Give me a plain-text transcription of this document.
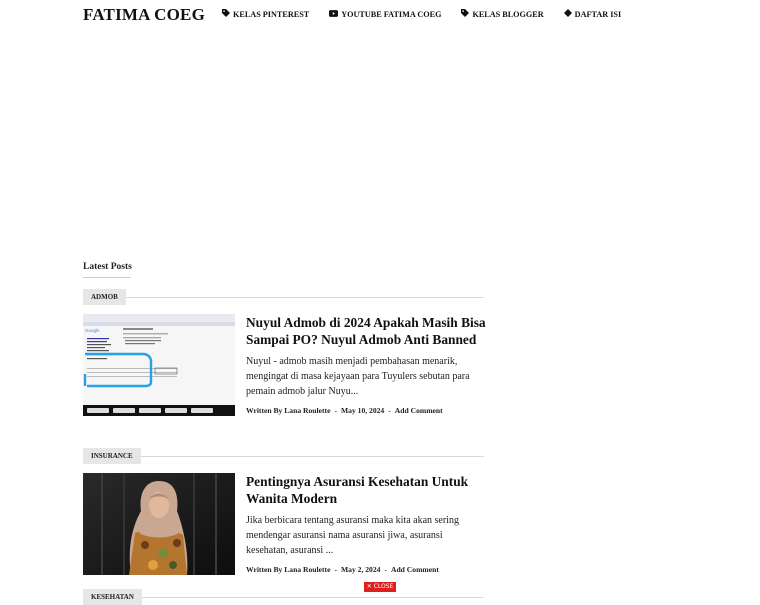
FATIMA COEG	KELAS PINTEREST	YOUTUBE FATIMA COEG	KELAS BLOGGER	DAFTAR ISI
Latest Posts
ADMOB
Google
Nuyul Admob di 2024 Apakah Masih Bisa Sampai PO? Nuyul Admob Anti Banned
Nuyul - admob masih menjadi pembahasan menarik, mengingat di masa kejayaan para Tuyulers sebutan para pemain admob jalur Nuyu...
Written By Lana Roulette - May 10, 2024 - Add Comment
INSURANCE
Pentingnya Asuransi Kesehatan Untuk Wanita Modern
Jika berbicara tentang asuransi maka kita akan sering mendengar asuransi nama asuransi jiwa, asuransi kesehatan, asuransi ...
Written By Lana Roulette - May 2, 2024 - Add Comment
KESEHATAN
✕ CLOSE
